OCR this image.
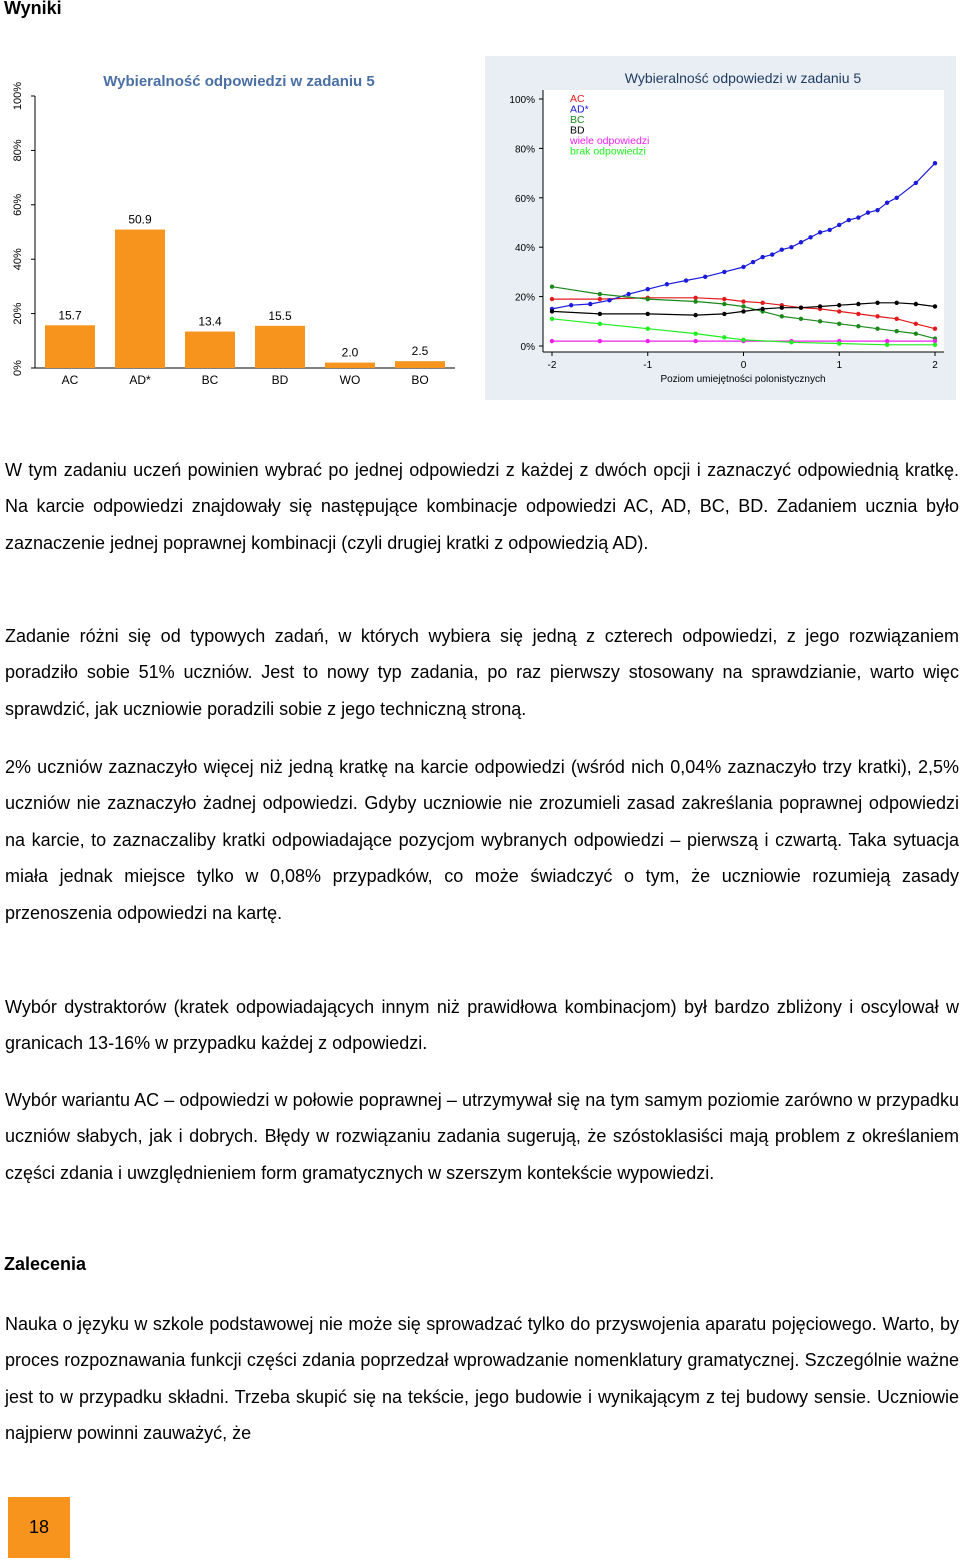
Wyniki
Wybieralność odpowiedzi w zadaniu 5
0%
20%
40%
60%
80%
100%
15.7
AC
50.9
AD*
13.4
BC
15.5
BD
2.0
WO
2.5
BO
Wybieralność odpowiedzi w zadaniu 5
0%
20%
40%
60%
80%
100%
-2	-1	0	1	2
Poziom umiejętności polonistycznych
AC
AD*
BC
BD
wiele odpowiedzi
brak odpowiedzi

W tym zadaniu uczeń powinien wybrać po jednej odpowiedzi z każdej z dwóch opcji i zaznaczyć odpowiednią kratkę. Na karcie odpowiedzi znajdowały się następujące kombinacje odpowiedzi AC, AD, BC, BD. Zadaniem ucznia było zaznaczenie jednej poprawnej kombinacji (czyli drugiej kratki z odpowiedzią AD).

Zadanie różni się od typowych zadań, w których wybiera się jedną z czterech odpowiedzi, z jego rozwiązaniem poradziło sobie 51% uczniów. Jest to nowy typ zadania, po raz pierwszy stosowany na sprawdzianie, warto więc sprawdzić, jak uczniowie poradzili sobie z jego techniczną stroną.

2% uczniów zaznaczyło więcej niż jedną kratkę na karcie odpowiedzi (wśród nich 0,04% zaznaczyło trzy kratki), 2,5% uczniów nie zaznaczyło żadnej odpowiedzi. Gdyby uczniowie nie zrozumieli zasad zakreślania poprawnej odpowiedzi na karcie, to zaznaczaliby kratki odpowiadające pozycjom wybranych odpowiedzi – pierwszą i czwartą. Taka sytuacja miała jednak miejsce tylko w 0,08% przypadków, co może świadczyć o tym, że uczniowie rozumieją zasady przenoszenia odpowiedzi na kartę.

Wybór dystraktorów (kratek odpowiadających innym niż prawidłowa kombinacjom) był bardzo zbliżony i oscylował w granicach 13-16% w przypadku każdej z odpowiedzi.

Wybór wariantu AC – odpowiedzi w połowie poprawnej – utrzymywał się na tym samym poziomie zarówno w przypadku uczniów słabych, jak i dobrych. Błędy w rozwiązaniu zadania sugerują, że szóstoklasiści mają problem z określaniem części zdania i uwzględnieniem form gramatycznych w szerszym kontekście wypowiedzi.

Zalecenia

Nauka o języku w szkole podstawowej nie może się sprowadzać tylko do przyswojenia aparatu pojęciowego. Warto, by proces rozpoznawania funkcji części zdania poprzedzał wprowadzanie nomenklatury gramatycznej. Szczególnie ważne jest to w przypadku składni. Trzeba skupić się na tekście, jego budowie i wynikającym z tej budowy sensie. Uczniowie najpierw powinni zauważyć, że

18
